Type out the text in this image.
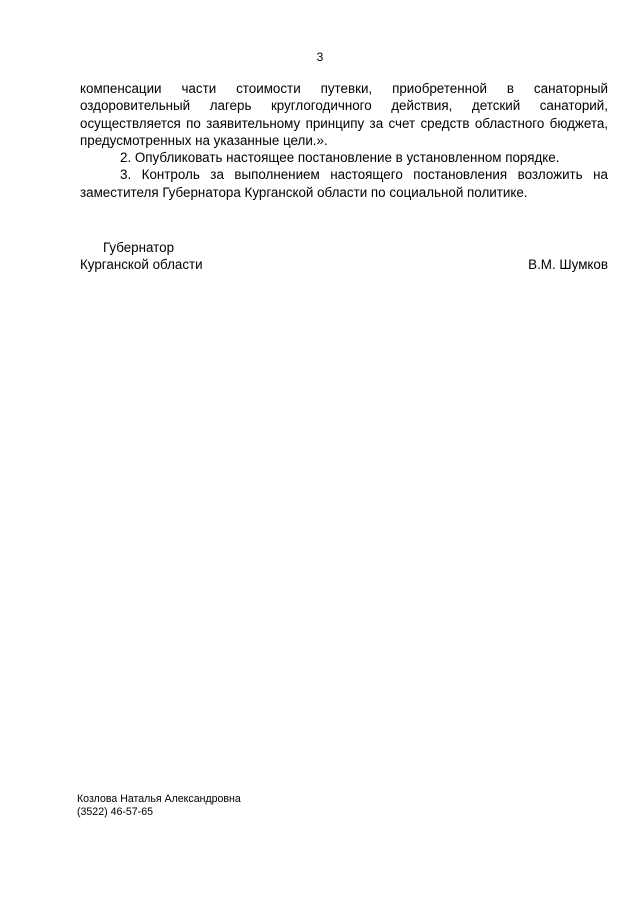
3

компенсации части стоимости путевки, приобретенной в санаторный оздоровительный лагерь круглогодичного действия, детский санаторий, осуществляется по заявительному принципу за счет средств областного бюджета, предусмотренных на указанные цели.».

2. Опубликовать настоящее постановление в установленном порядке.

3. Контроль за выполнением настоящего постановления возложить на заместителя Губернатора Курганской области по социальной политике.

Губернатор
Курганской области	В.М. Шумков
Козлова Наталья Александровна
(3522) 46-57-65
